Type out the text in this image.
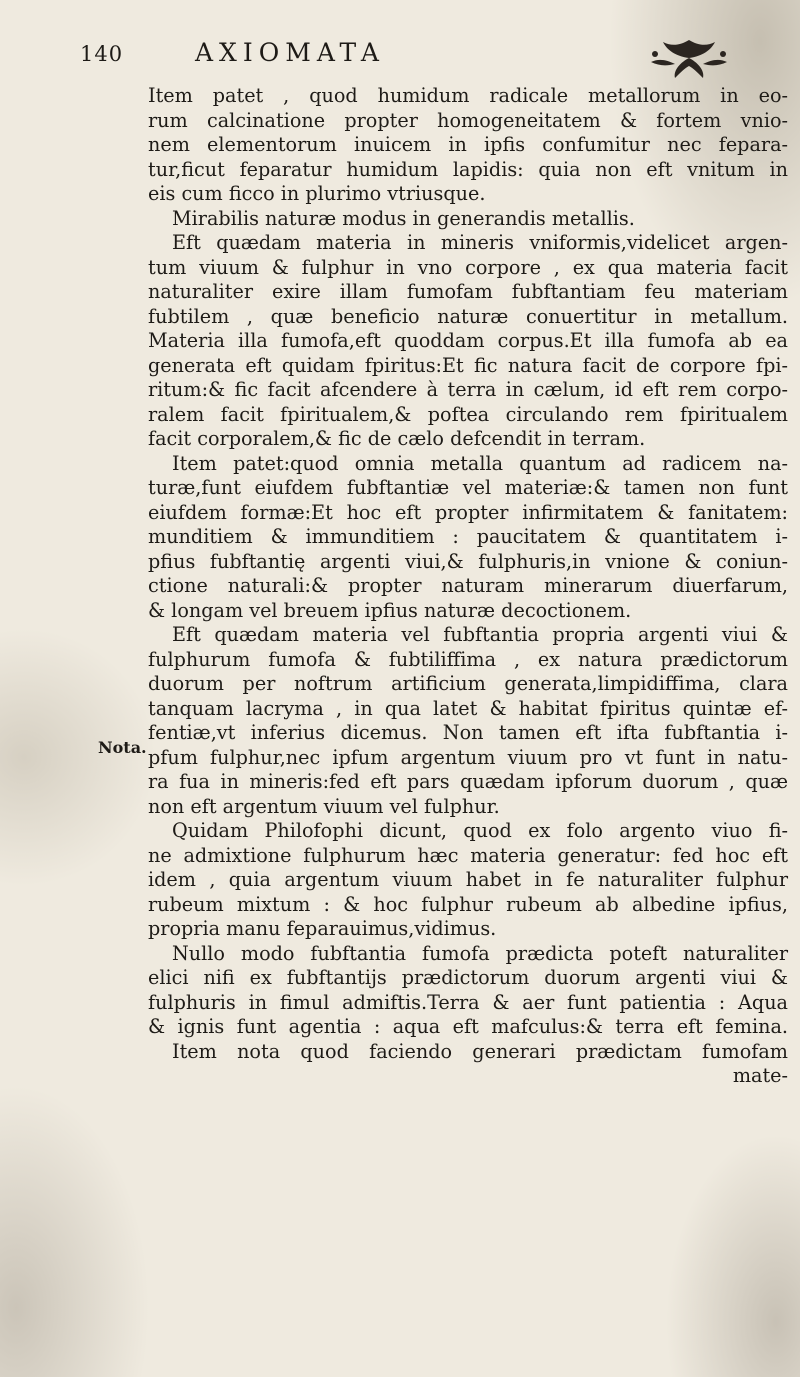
140	AXIOMATA
Nota.
Item patet , quod humidum radicale metallorum in eo-
rum calcinatione propter homogeneitatem & fortem vnio-
nem elementorum inuicem in ipfis confumitur nec fepara-
tur,ficut feparatur humidum lapidis: quia non eft vnitum in
eis cum ficco in plurimo vtriusque.
Mirabilis naturæ modus in generandis metallis.
Eft quædam materia in mineris vniformis,videlicet argen-
tum viuum & fulphur in vno corpore , ex qua materia facit
naturaliter exire illam fumofam fubftantiam feu materiam
fubtilem , quæ beneficio naturæ conuertitur in metallum.
Materia illa fumofa,eft quoddam corpus.Et illa fumofa ab ea
generata eft quidam fpiritus:Et fic natura facit de corpore fpi-
ritum:& fic facit afcendere à terra in cælum, id eft rem corpo-
ralem facit fpiritualem,& poftea circulando rem fpiritualem
facit corporalem,& fic de cælo defcendit in terram.
Item patet:quod omnia metalla quantum ad radicem na-
turæ,funt eiufdem fubftantiæ vel materiæ:& tamen non funt
eiufdem formæ:Et hoc eft propter infirmitatem & fanitatem:
munditiem & immunditiem : paucitatem & quantitatem i-
pfius fubftantię argenti viui,& fulphuris,in vnione & coniun-
ctione naturali:& propter naturam minerarum diuerfarum,
& longam vel breuem ipfius naturæ decoctionem.
Eft quædam materia vel fubftantia propria argenti viui &
fulphurum fumofa & fubtiliffima , ex natura prædictorum
duorum per noftrum artificium generata,limpidiffima, clara
tanquam lacryma , in qua latet & habitat fpiritus quintæ ef-
fentiæ,vt inferius dicemus. Non tamen eft ifta fubftantia i-
pfum fulphur,nec ipfum argentum viuum pro vt funt in natu-
ra fua in mineris:fed eft pars quædam ipforum duorum , quæ
non eft argentum viuum vel fulphur.
Quidam Philofophi dicunt, quod ex folo argento viuo fi-
ne admixtione fulphurum hæc materia generatur: fed hoc eft
idem , quia argentum viuum habet in fe naturaliter fulphur
rubeum mixtum : & hoc fulphur rubeum ab albedine ipfius,
propria manu feparauimus,vidimus.
Nullo modo fubftantia fumofa prædicta poteft naturaliter
elici nifi ex fubftantijs prædictorum duorum argenti viui &
fulphuris in fimul admiftis.Terra & aer funt patientia : Aqua
& ignis funt agentia : aqua eft mafculus:& terra eft femina.
Item nota quod faciendo generari prædictam fumofam
mate-
